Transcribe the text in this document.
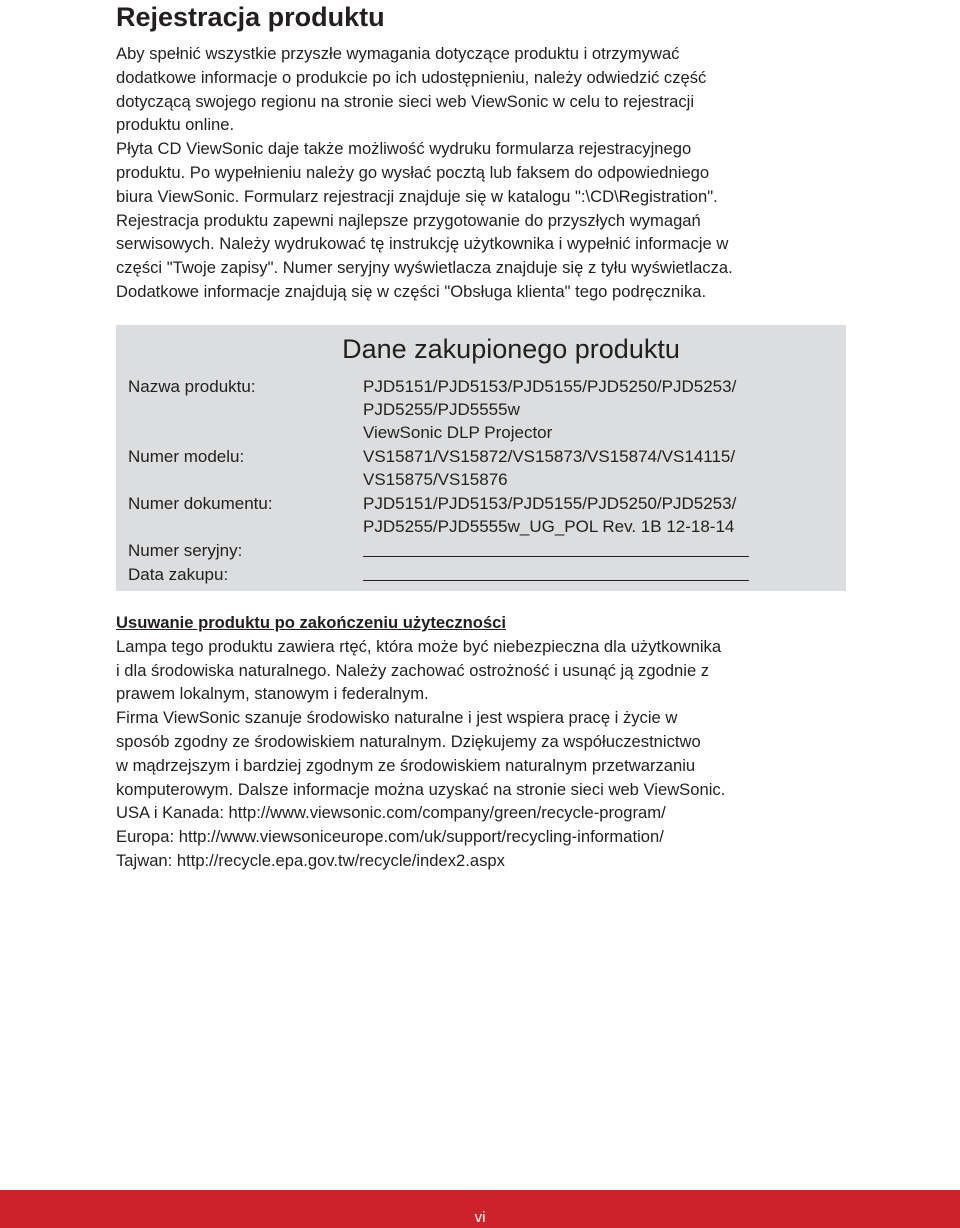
Rejestracja produktu

Aby spełnić wszystkie przyszłe wymagania dotyczące produktu i otrzymywać

dodatkowe informacje o produkcie po ich udostępnieniu, należy odwiedzić część

dotyczącą swojego regionu na stronie sieci web ViewSonic w celu to rejestracji

produktu online.

Płyta CD ViewSonic daje także możliwość wydruku formularza rejestracyjnego

produktu. Po wypełnieniu należy go wysłać pocztą lub faksem do odpowiedniego

biura ViewSonic. Formularz rejestracji znajduje się w katalogu ":\CD\Registration".

Rejestracja produktu zapewni najlepsze przygotowanie do przyszłych wymagań

serwisowych. Należy wydrukować tę instrukcję użytkownika i wypełnić informacje w

części "Twoje zapisy". Numer seryjny wyświetlacza znajduje się z tyłu wyświetlacza.

Dodatkowe informacje znajdują się w części "Obsługa klienta" tego podręcznika.

Dane zakupionego produktu
Nazwa produktu:	PJD5151/PJD5153/PJD5155/PJD5250/PJD5253/
PJD5255/PJD5555w
ViewSonic DLP Projector
Numer modelu:	VS15871/VS15872/VS15873/VS15874/VS14115/
VS15875/VS15876
Numer dokumentu:	PJD5151/PJD5153/PJD5155/PJD5250/PJD5253/
PJD5255/PJD5555w_UG_POL Rev. 1B 12-18-14
Numer seryjny:
Data zakupu:

Usuwanie produktu po zakończeniu użyteczności

Lampa tego produktu zawiera rtęć, która może być niebezpieczna dla użytkownika

i dla środowiska naturalnego. Należy zachować ostrożność i usunąć ją zgodnie z

prawem lokalnym, stanowym i federalnym.

Firma ViewSonic szanuje środowisko naturalne i jest wspiera pracę i życie w

sposób zgodny ze środowiskiem naturalnym. Dziękujemy za współuczestnictwo

w mądrzejszym i bardziej zgodnym ze środowiskiem naturalnym przetwarzaniu

komputerowym. Dalsze informacje można uzyskać na stronie sieci web ViewSonic.

USA i Kanada: http://www.viewsonic.com/company/green/recycle-program/

Europa: http://www.viewsoniceurope.com/uk/support/recycling-information/

Tajwan: http://recycle.epa.gov.tw/recycle/index2.aspx

vi
